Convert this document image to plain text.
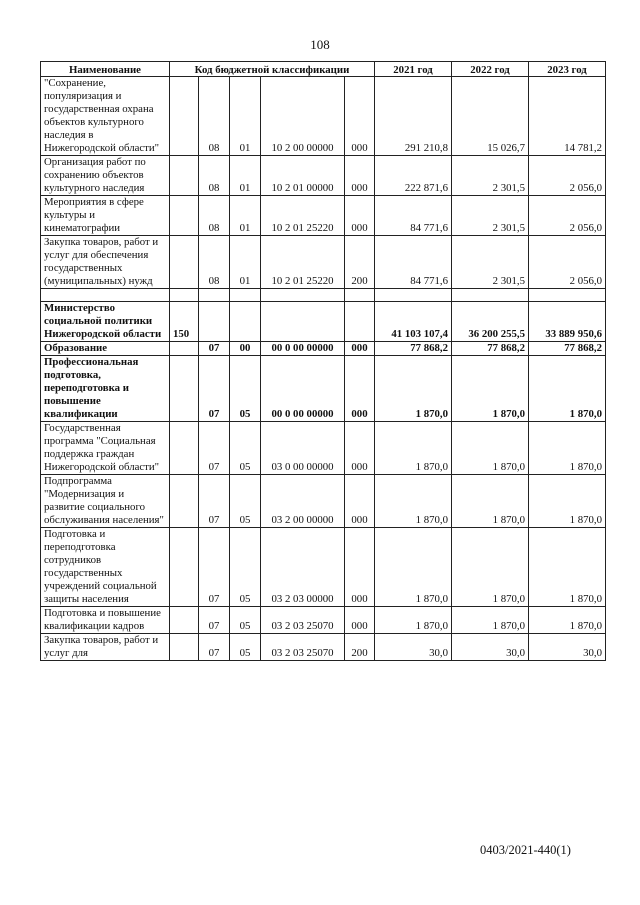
108
Наименование	Код бюджетной классификации					2021 год	2022 год	2023 год
"Сохранение, популяризация и государственная охрана объектов культурного наследия в Нижегородской области"		08	01	10 2 00 00000	000	291 210,8	15 026,7	14 781,2
Организация работ по сохранению объектов культурного наследия		08	01	10 2 01 00000	000	222 871,6	2 301,5	2 056,0
Мероприятия в сфере культуры и кинематографии		08	01	10 2 01 25220	000	84 771,6	2 301,5	2 056,0
Закупка товаров, работ и услуг для обеспечения государственных (муниципальных) нужд		08	01	10 2 01 25220	200	84 771,6	2 301,5	2 056,0

Министерство социальной политики Нижегородской области	150					41 103 107,4	36 200 255,5	33 889 950,6
Образование		07	00	00 0 00 00000	000	77 868,2	77 868,2	77 868,2
Профессиональная подготовка, переподготовка и повышение квалификации		07	05	00 0 00 00000	000	1 870,0	1 870,0	1 870,0
Государственная программа "Социальная поддержка граждан Нижегородской области"		07	05	03 0 00 00000	000	1 870,0	1 870,0	1 870,0
Подпрограмма "Модернизация и развитие социального обслуживания населения"		07	05	03 2 00 00000	000	1 870,0	1 870,0	1 870,0
Подготовка и переподготовка сотрудников государственных учреждений социальной защиты населения		07	05	03 2 03 00000	000	1 870,0	1 870,0	1 870,0
Подготовка и повышение квалификации кадров		07	05	03 2 03 25070	000	1 870,0	1 870,0	1 870,0
Закупка товаров, работ и услуг для		07	05	03 2 03 25070	200	30,0	30,0	30,0
0403/2021-440(1)
